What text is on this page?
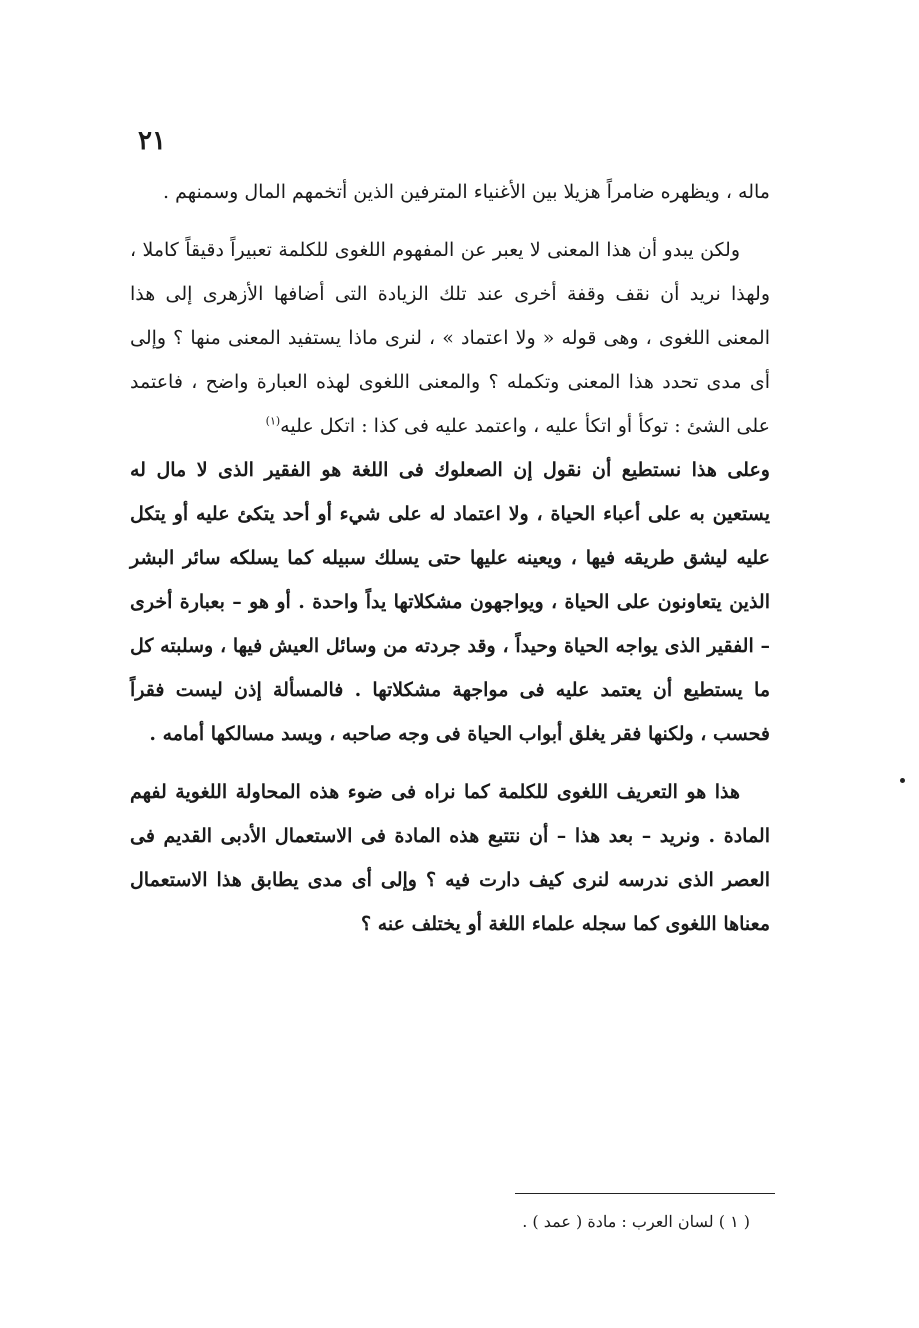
٢١

ماله ، ويظهره ضامراً هزيلا بين الأغنياء المترفين الذين أتخمهم المال وسمنهم .

ولكن يبدو أن هذا المعنى لا يعبر عن المفهوم اللغوى للكلمة تعبيراً دقيقاً كاملا ، ولهذا نريد أن نقف وقفة أخرى عند تلك الزيادة التى أضافها الأزهرى إلى هذا المعنى اللغوى ، وهى قوله « ولا اعتماد » ، لنرى ماذا يستفيد المعنى منها ؟ وإلى أى مدى تحدد هذا المعنى وتكمله ؟ والمعنى اللغوى لهذه العبارة واضح ، فاعتمد على الشئ : توكأ أو اتكأ عليه ، واعتمد عليه فى كذا : اتكل عليه$^{(١)}$

وعلى هذا نستطيع أن نقول إن الصعلوك فى اللغة هو الفقير الذى لا مال له يستعين به على أعباء الحياة ، ولا اعتماد له على شيء أو أحد يتكئ عليه أو يتكل عليه ليشق طريقه فيها ، ويعينه عليها حتى يسلك سبيله كما يسلكه سائر البشر الذين يتعاونون على الحياة ، ويواجهون مشكلاتها يداً واحدة . أو هو – بعبارة أخرى – الفقير الذى يواجه الحياة وحيداً ، وقد جردته من وسائل العيش فيها ، وسلبته كل ما يستطيع أن يعتمد عليه فى مواجهة مشكلاتها . فالمسألة إذن ليست فقراً فحسب ، ولكنها فقر يغلق أبواب الحياة فى وجه صاحبه ، ويسد مسالكها أمامه .

هذا هو التعريف اللغوى للكلمة كما نراه فى ضوء هذه المحاولة اللغوية لفهم المادة . ونريد – بعد هذا – أن نتتبع هذه المادة فى الاستعمال الأدبى القديم فى العصر الذى ندرسه لنرى كيف دارت فيه ؟ وإلى أى مدى يطابق هذا الاستعمال معناها اللغوى كما سجله علماء اللغة أو يختلف عنه ؟

( ١ ) لسان العرب : مادة ( عمد ) .
